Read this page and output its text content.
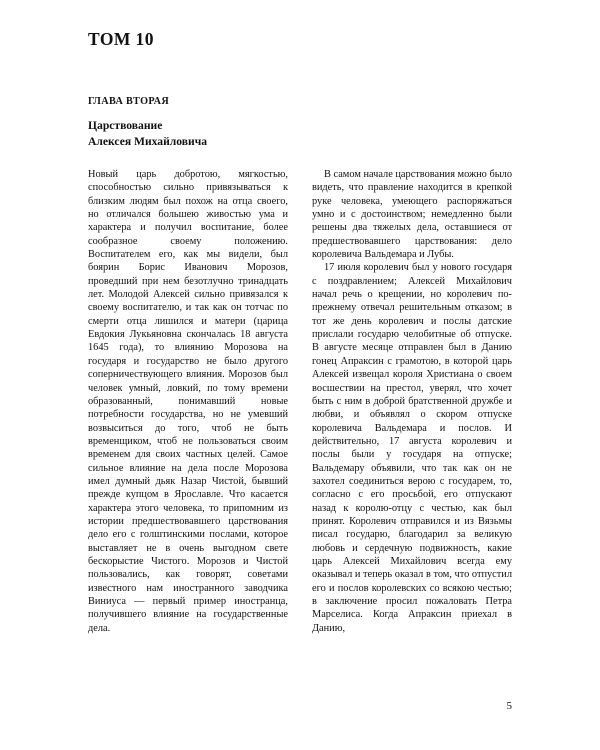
ТОМ 10
ГЛАВА ВТОРАЯ
Царствование
Алексея Михайловича

Новый царь добротою, мягкостью, способностью сильно привязываться к близким людям был похож на отца своего, но отличался большею живостью ума и характера и получил воспитание, более сообразное своему положению. Воспитателем его, как мы видели, был боярин Борис Иванович Морозов, проведший при нем безотлучно тринадцать лет. Молодой Алексей сильно привязался к своему воспитателю, и так как он тотчас по смерти отца лишился и матери (царица Евдокия Лукьяновна скончалась 18 августа 1645 года), то влиянию Морозова на государя и государство не было другого соперничествующего влияния. Морозов был человек умный, ловкий, по тому времени образованный, понимавший новые потребности государства, но не умевший возвыситься до того, чтоб не быть временщиком, чтоб не пользоваться своим временем для своих частных целей. Самое сильное влияние на дела после Морозова имел думный дьяк Назар Чистой, бывший прежде купцом в Ярославле. Что касается характера этого человека, то припомним из истории предшествовавшего царствования дело его с голштинскими послами, которое выставляет не в очень выгодном свете бескорыстие Чистого. Морозов и Чистой пользовались, как говорят, советами известного нам иностранного заводчика Виниуса — первый пример иностранца, получившего влияние на государственные дела.

В самом начале царствования можно было видеть, что правление находится в крепкой руке человека, умеющего распоряжаться умно и с достоинством; немедленно были решены два тяжелых дела, оставшиеся от предшествовавшего царствования: дело королевича Вальдемара и Лубы.

17 июля королевич был у нового государя с поздравлением; Алексей Михайлович начал речь о крещении, но королевич по-прежнему отвечал решительным отказом; в тот же день королевич и послы датские прислали государю челобитные об отпуске. В августе месяце отправлен был в Данию гонец Апраксин с грамотою, в которой царь Алексей извещал короля Христиана о своем восшествии на престол, уверял, что хочет быть с ним в доброй братственной дружбе и любви, и объявлял о скором отпуске королевича Вальдемара и послов. И действительно, 17 августа королевич и послы были у государя на отпуске; Вальдемару объявили, что так как он не захотел соединиться верою с государем, то, согласно с его просьбой, его отпускают назад к королю-отцу с честью, как был принят. Королевич отправился и из Вязьмы писал государю, благодарил за великую любовь и сердечную подвижность, какие царь Алексей Михайлович всегда ему оказывал и теперь оказал в том, что отпустил его и послов королевских со всякою честью; в заключение просил пожаловать Петра Марселиса. Когда Апраксин приехал в Данию,

5
